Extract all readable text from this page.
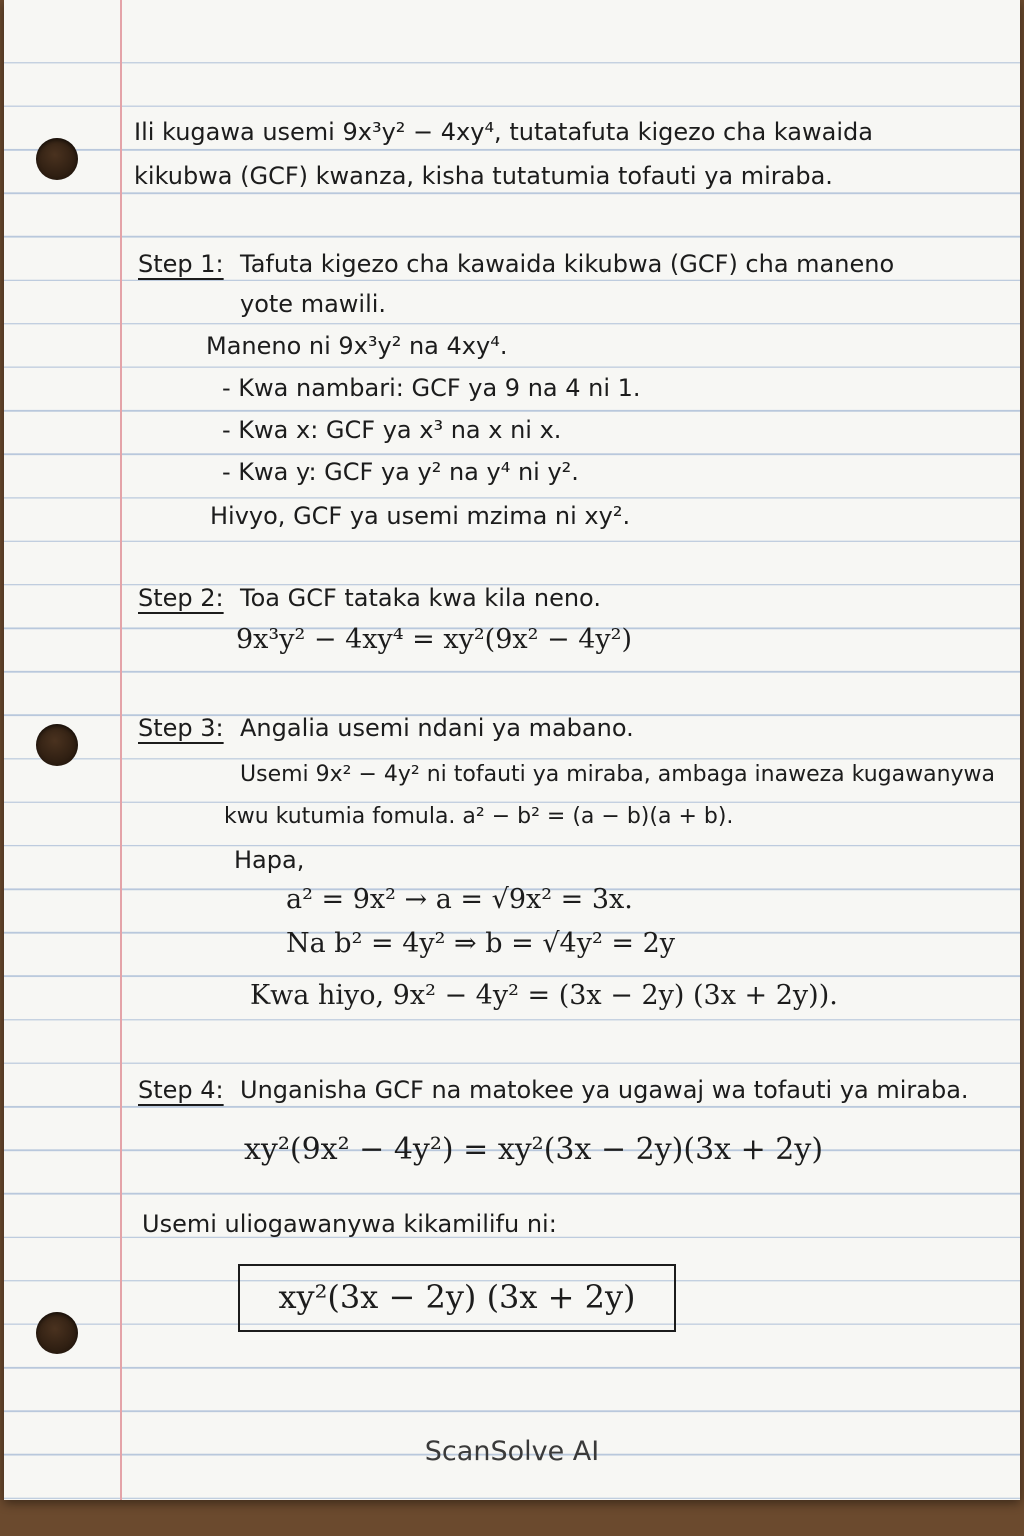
Ili kugawa usemi 9x³y² − 4xy⁴, tutatafuta kigezo cha kawaida
kikubwa (GCF) kwanza, kisha tutatumia tofauti ya miraba.
Step 1: Tafuta kigezo cha kawaida kikubwa (GCF) cha maneno
yote mawili.
Maneno ni 9x³y² na 4xy⁴.
- Kwa nambari: GCF ya 9 na 4 ni 1.
- Kwa x: GCF ya x³ na x ni x.
- Kwa y: GCF ya y² na y⁴ ni y².
Hivyo, GCF ya usemi mzima ni xy².
Step 2: Toa GCF tataka kwa kila neno.
9x³y² − 4xy⁴ = xy²(9x² − 4y²)
Step 3: Angalia usemi ndani ya mabano.
Usemi 9x² − 4y² ni tofauti ya miraba, ambaga inaweza kugawanywa
kwu kutumia fomula. a² − b² = (a − b)(a + b).
Hapa,
a² = 9x² → a = √9x² = 3x.
Na b² = 4y² ⇒ b = √4y² = 2y
Kwa hiyo, 9x² − 4y² = (3x − 2y) (3x + 2y)).
Step 4: Unganisha GCF na matokee ya ugawaj wa tofauti ya miraba.
xy²(9x² − 4y²) = xy²(3x − 2y)(3x + 2y)
Usemi uliogawanywa kikamilifu ni:
xy²(3x − 2y) (3x + 2y)
ScanSolve AI
